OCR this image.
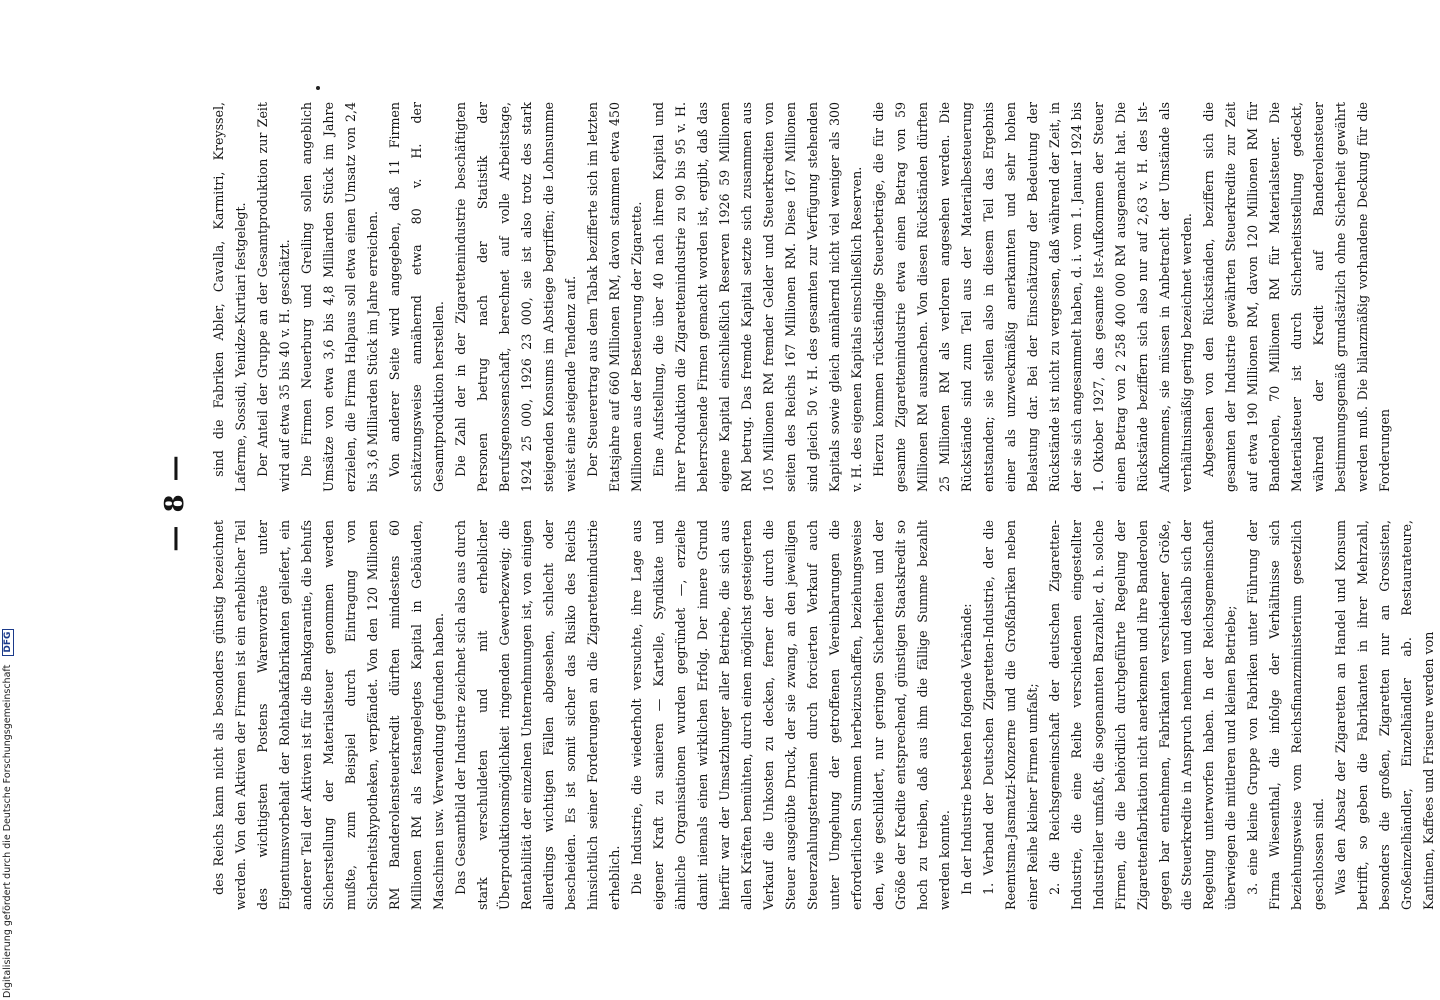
— 8 —

des Reichs kann nicht als besonders günstig bezeichnet werden. Von den Aktiven der Firmen ist ein erheblicher Teil des wichtigsten Postens Warenvorräte unter Eigentumsvorbehalt der Rohtabakfabrikanten geliefert, ein anderer Teil der Aktiven ist für die Bankgarantie, die behufs Sicherstellung der Materialsteuer genommen werden mußte, zum Beispiel durch Eintragung von Sicherheitshypotheken, verpfändet. Von den 120 Millionen RM Banderolensteuerkredit dürften mindestens 60 Millionen RM als festangelegtes Kapital in Gebäuden, Maschinen usw. Verwendung gefunden haben. Das Gesamtbild der Industrie zeichnet sich also aus durch stark verschuldeten und mit erheblicher Überproduktionsmöglichkeit ringenden Gewerbezweig; die Rentabilität der einzelnen Unternehmungen ist, von einigen allerdings wichtigen Fällen abgesehen, schlecht oder bescheiden. Es ist somit sicher das Risiko des Reichs hinsichtlich seiner Forderungen an die Zigarettenindustrie erheblich. Die Industrie, die wiederholt versuchte, ihre Lage aus eigener Kraft zu sanieren — Kartelle, Syndikate und ähnliche Organisationen wurden gegründet —, erzielte damit niemals einen wirklichen Erfolg. Der innere Grund hierfür war der Umsatzhunger aller Betriebe, die sich aus allen Kräften bemühten, durch einen möglichst gesteigerten Verkauf die Unkosten zu decken, ferner der durch die Steuer ausgeübte Druck, der sie zwang, an den jeweiligen Steuerzahlungsterminen durch forcierten Verkauf auch unter Umgehung der getroffenen Vereinbarungen die erforderlichen Summen herbeizuschaffen, beziehungsweise den, wie geschildert, nur geringen Sicherheiten und der Größe der Kredite entsprechend, günstigen Staatskredit so hoch zu treiben, daß aus ihm die fällige Summe bezahlt werden konnte. In der Industrie bestehen folgende Verbände: 1. Verband der Deutschen Zigaretten-Industrie, der die Reemtsma-Jasmatzi-Konzerne und die Großfabriken neben einer Reihe kleiner Firmen umfaßt; 2. die Reichsgemeinschaft der deutschen Zigaretten-Industrie, die eine Reihe verschiedenen eingestellter Industrieller umfaßt, die sogenannten Barzahler, d. h. solche Firmen, die die behördlich durchgeführte Regelung der Zigarettenfabrikation nicht anerkennen und ihre Banderolen gegen bar entnehmen, Fabrikanten verschiedener Größe, die Steuerkredite in Anspruch nehmen und deshalb sich der Regelung unterworfen haben. In der Reichsgemeinschaft überwiegen die mittleren und kleinen Betriebe; 3. eine kleine Gruppe von Fabriken unter Führung der Firma Wiesenthal, die infolge der Verhältnisse sich beziehungsweise vom Reichsfinanzministerium gesetzlich geschlossen sind. Was den Absatz der Zigaretten an Handel und Konsum betrifft, so geben die Fabrikanten in ihrer Mehrzahl, besonders die großen, Zigaretten nur an Grossisten, Großeinzelhändler, Einzelhändler ab. Restaurateure, Kantinen, Kaffees und Friseure werden von

sind die Fabriken Abler, Cavalla, Karmitri, Kreyssel, Laferme, Sossidi, Yenidze-Kurtiari festgelegt. Der Anteil der Gruppe an der Gesamtproduktion zur Zeit wird auf etwa 35 bis 40 v. H. geschätzt. Die Firmen Neuerburg und Greiling sollen angeblich Umsätze von etwa 3,6 bis 4,8 Milliarden Stück im Jahre erzielen, die Firma Halpaus soll etwa einen Umsatz von 2,4 bis 3,6 Milliarden Stück im Jahre erreichen. Von anderer Seite wird angegeben, daß 11 Firmen schätzungsweise annähernd etwa 80 v. H. der Gesamtproduktion herstellen. Die Zahl der in der Zigarettenindustrie beschäftigten Personen betrug nach der Statistik der Berufsgenossenschaft, berechnet auf volle Arbeitstage, 1924 25 000, 1926 23 000, sie ist also trotz des stark steigenden Konsums im Abstiege begriffen; die Lohnsumme weist eine steigende Tendenz auf. Der Steuerertrag aus dem Tabak bezifferte sich im letzten Etatsjahre auf 660 Millionen RM, davon stammen etwa 450 Millionen aus der Besteuerung der Zigarette. Eine Aufstellung, die über 40 nach ihrem Kapital und ihrer Produktion die Zigarettenindustrie zu 90 bis 95 v. H. beherrschende Firmen gemacht worden ist, ergibt, daß das eigene Kapital einschließlich Reserven 1926 59 Millionen RM betrug. Das fremde Kapital setzte sich zusammen aus 105 Millionen RM fremder Gelder und Steuerkrediten von seiten des Reichs 167 Millionen RM. Diese 167 Millionen sind gleich 50 v. H. des gesamten zur Verfügung stehenden Kapitals sowie gleich annähernd nicht viel weniger als 300 v. H. des eigenen Kapitals einschließlich Reserven. Hierzu kommen rückständige Steuerbeträge, die für die gesamte Zigarettenindustrie etwa einen Betrag von 59 Millionen RM ausmachen. Von diesen Rückständen dürften 25 Millionen RM als verloren angesehen werden. Die Rückstände sind zum Teil aus der Materialbesteuerung entstanden; sie stellen also in diesem Teil das Ergebnis einer als unzweckmäßig anerkannten und sehr hohen Belastung dar. Bei der Einschätzung der Bedeutung der Rückstände ist nicht zu vergessen, daß während der Zeit, in der sie sich angesammelt haben, d. i. vom 1. Januar 1924 bis 1. Oktober 1927, das gesamte Ist-Aufkommen der Steuer einen Betrag von 2 258 400 000 RM ausgemacht hat. Die Rückstände beziffern sich also nur auf 2,63 v. H. des Ist-Aufkommens, sie müssen in Anbetracht der Umstände als verhältnismäßig gering bezeichnet werden. Abgesehen von den Rückständen, beziffern sich die gesamten der Industrie gewährten Steuerkredite zur Zeit auf etwa 190 Millionen RM, davon 120 Millionen RM für Banderolen, 70 Millionen RM für Materialsteuer. Die Materialsteuer ist durch Sicherheitsstellung gedeckt, während der Kredit auf Banderolensteuer bestimmungsgemäß grundsätzlich ohne Sicherheit gewährt werden muß. Die bilanzmäßig vorhandene Deckung für die Forderungen

Digitalisierung gefördert durch die Deutsche Forschungsgemeinschaft DFG
